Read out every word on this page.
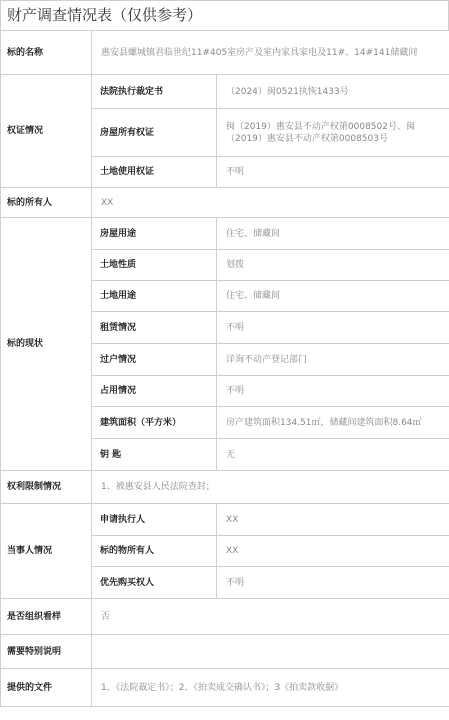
财产调查情况表（仅供参考）
标的名称	惠安县螺城镇君临世纪11#405室房产及室内家具家电及11#、14#141储藏间	
权证情况	法院执行裁定书	（2024）闽0521执恢1433号
	房屋所有权证	闽（2019）惠安县不动产权第0008502号、闽（2019）惠安县不动产权第0008503号
	土地使用权证	不明
标的所有人	XX	
标的现状	房屋用途	住宅、储藏间
	土地性质	划拨
	土地用途	住宅、储藏间
	租赁情况	不明
	过户情况	详询不动产登记部门
	占用情况	不明
	建筑面积（平方米）	房产建筑面积134.51㎡，储藏间建筑面积8.64㎡
	钥 匙	无
权利限制情况	1、被惠安县人民法院查封；	
当事人情况	申请执行人	XX
	标的物所有人	XX
	优先购买权人	不明
是否组织看样	否	
需要特别说明		
提供的文件	1、《法院裁定书》；2、《拍卖成交确认书》；3《拍卖款收据》	
